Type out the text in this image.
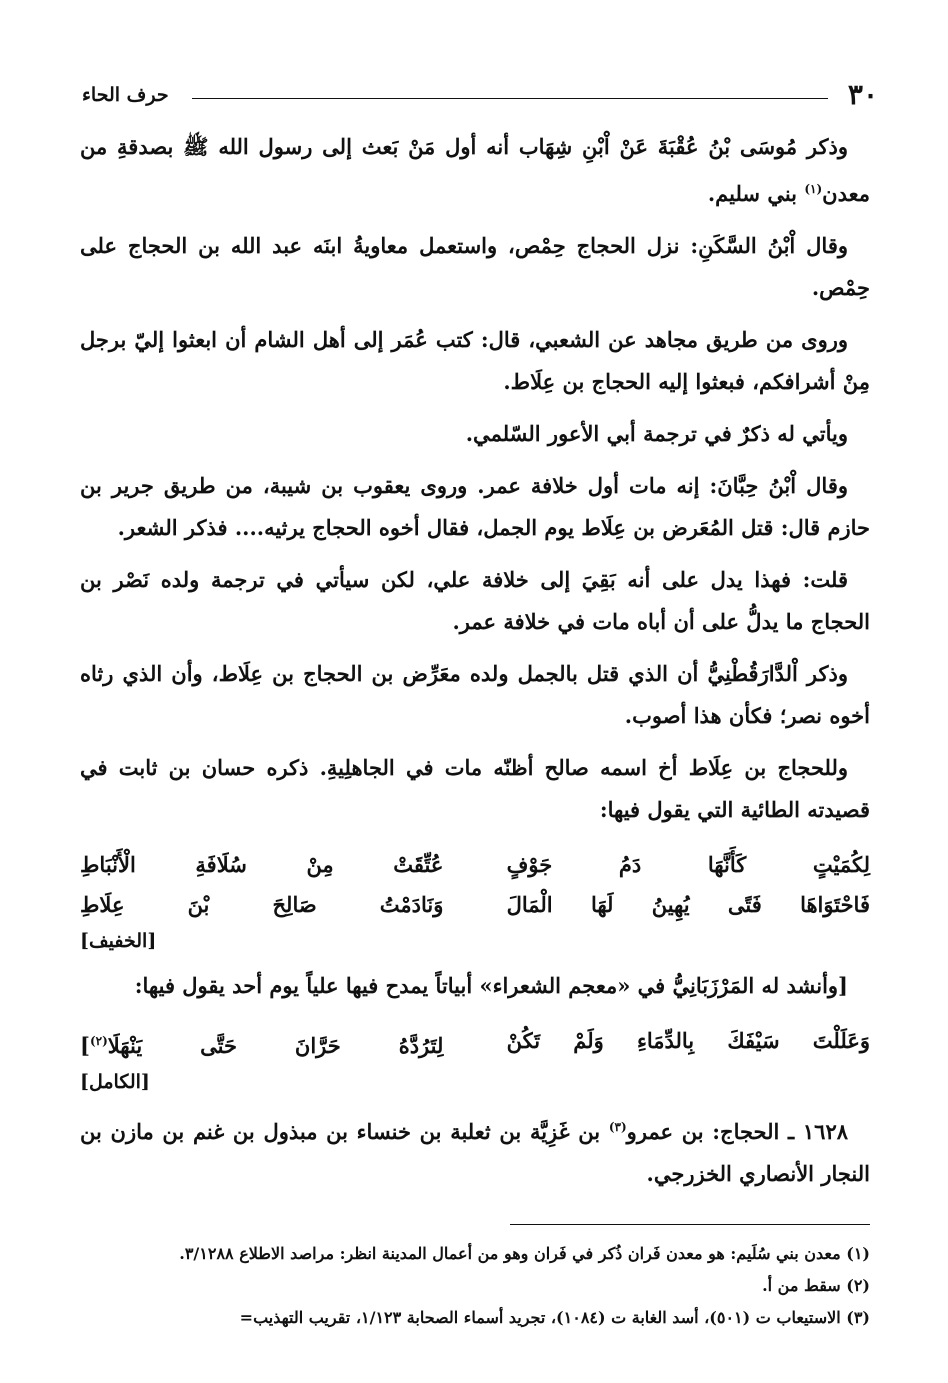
٣٠
حرف الحاء

وذكر مُوسَى بْنُ عُقْبَةَ عَنْ اْبْنِ شِهَاب أنه أول مَنْ بَعث إلى رسول الله ﷺ بصدقةِ من معدن$^{(١)}$ بني سليم.

وقال اْبْنُ السَّكَنِ: نزل الحجاج حِمْص، واستعمل معاويةُ ابنَه عبد الله بن الحجاج على حِمْص.

وروى من طريق مجاهد عن الشعبي، قال: كتب عُمَر إلى أهل الشام أن ابعثوا إليّ برجل مِنْ أشرافكم، فبعثوا إليه الحجاج بن عِلَاط.

ويأتي له ذكرٌ في ترجمة أبي الأعور السّلمي.

وقال اْبْنُ حِبَّانَ: إنه مات أول خلافة عمر. وروى يعقوب بن شيبة، من طريق جرير بن حازم قال: قتل المُعَرض بن عِلَاط يوم الجمل، فقال أخوه الحجاج يرثيه.... فذكر الشعر.

قلت: فهذا يدل على أنه بَقِيَ إلى خلافة علي، لكن سيأتي في ترجمة ولده نَصْر بن الحجاج ما يدلُّ على أن أباه مات في خلافة عمر.

وذكر اْلدَّارَقُطْنِيُّ أن الذي قتل بالجمل ولده معَرِّض بن الحجاج بن عِلَاط، وأن الذي رثاه أخوه نصر؛ فكأن هذا أصوب.

وللحجاج بن عِلَاط أخ اسمه صالح أظنّه مات في الجاهلِيةِ. ذكره حسان بن ثابت في قصيدته الطائية التي يقول فيها:

لِكُمَيْتٍ كَأَنَّهَا دَمُ جَوْفٍ
عُتِّقَتْ مِنْ سُلَافَةِ الْأَنْبَاطِ
فَاحْتَوَاهَا فَتًى يُهِينُ لَهَا الْمَالَ
وَنَادَمْتُ صَالِحَ بْنَ عِلَاطِ
[الخفيف]

[وأنشد له المَرْزَبَانِيُّ في «معجم الشعراء» أبياتاً يمدح فيها علياً يوم أحد يقول فيها:

وَعَلَلْتَ سَيْفَكَ بِالدِّمَاءِ وَلَمْ تَكُنْ
لِتَرُدَّهُ حَرَّانَ حَتَّى يَنْهَلَا$^{(٢)}$]
[الكامل]

١٦٢٨ ـ الحجاج: بن عمرو$^{(٣)}$ بن غَزِيَّة بن ثعلبة بن خنساء بن مبذول بن غنم بن مازن بن النجار الأنصاري الخزرجي.

(١) معدن بني سُلَيم: هو معدن فَران ذُكر في فَران وهو من أعمال المدينة انظر: مراصد الاطلاع ٣/١٢٨٨.
(٢) سقط من أ.
(٣) الاستيعاب ت (٥٠١)، أسد الغابة ت (١٠٨٤)، تجريد أسماء الصحابة ١/١٢٣، تقريب التهذيب=
